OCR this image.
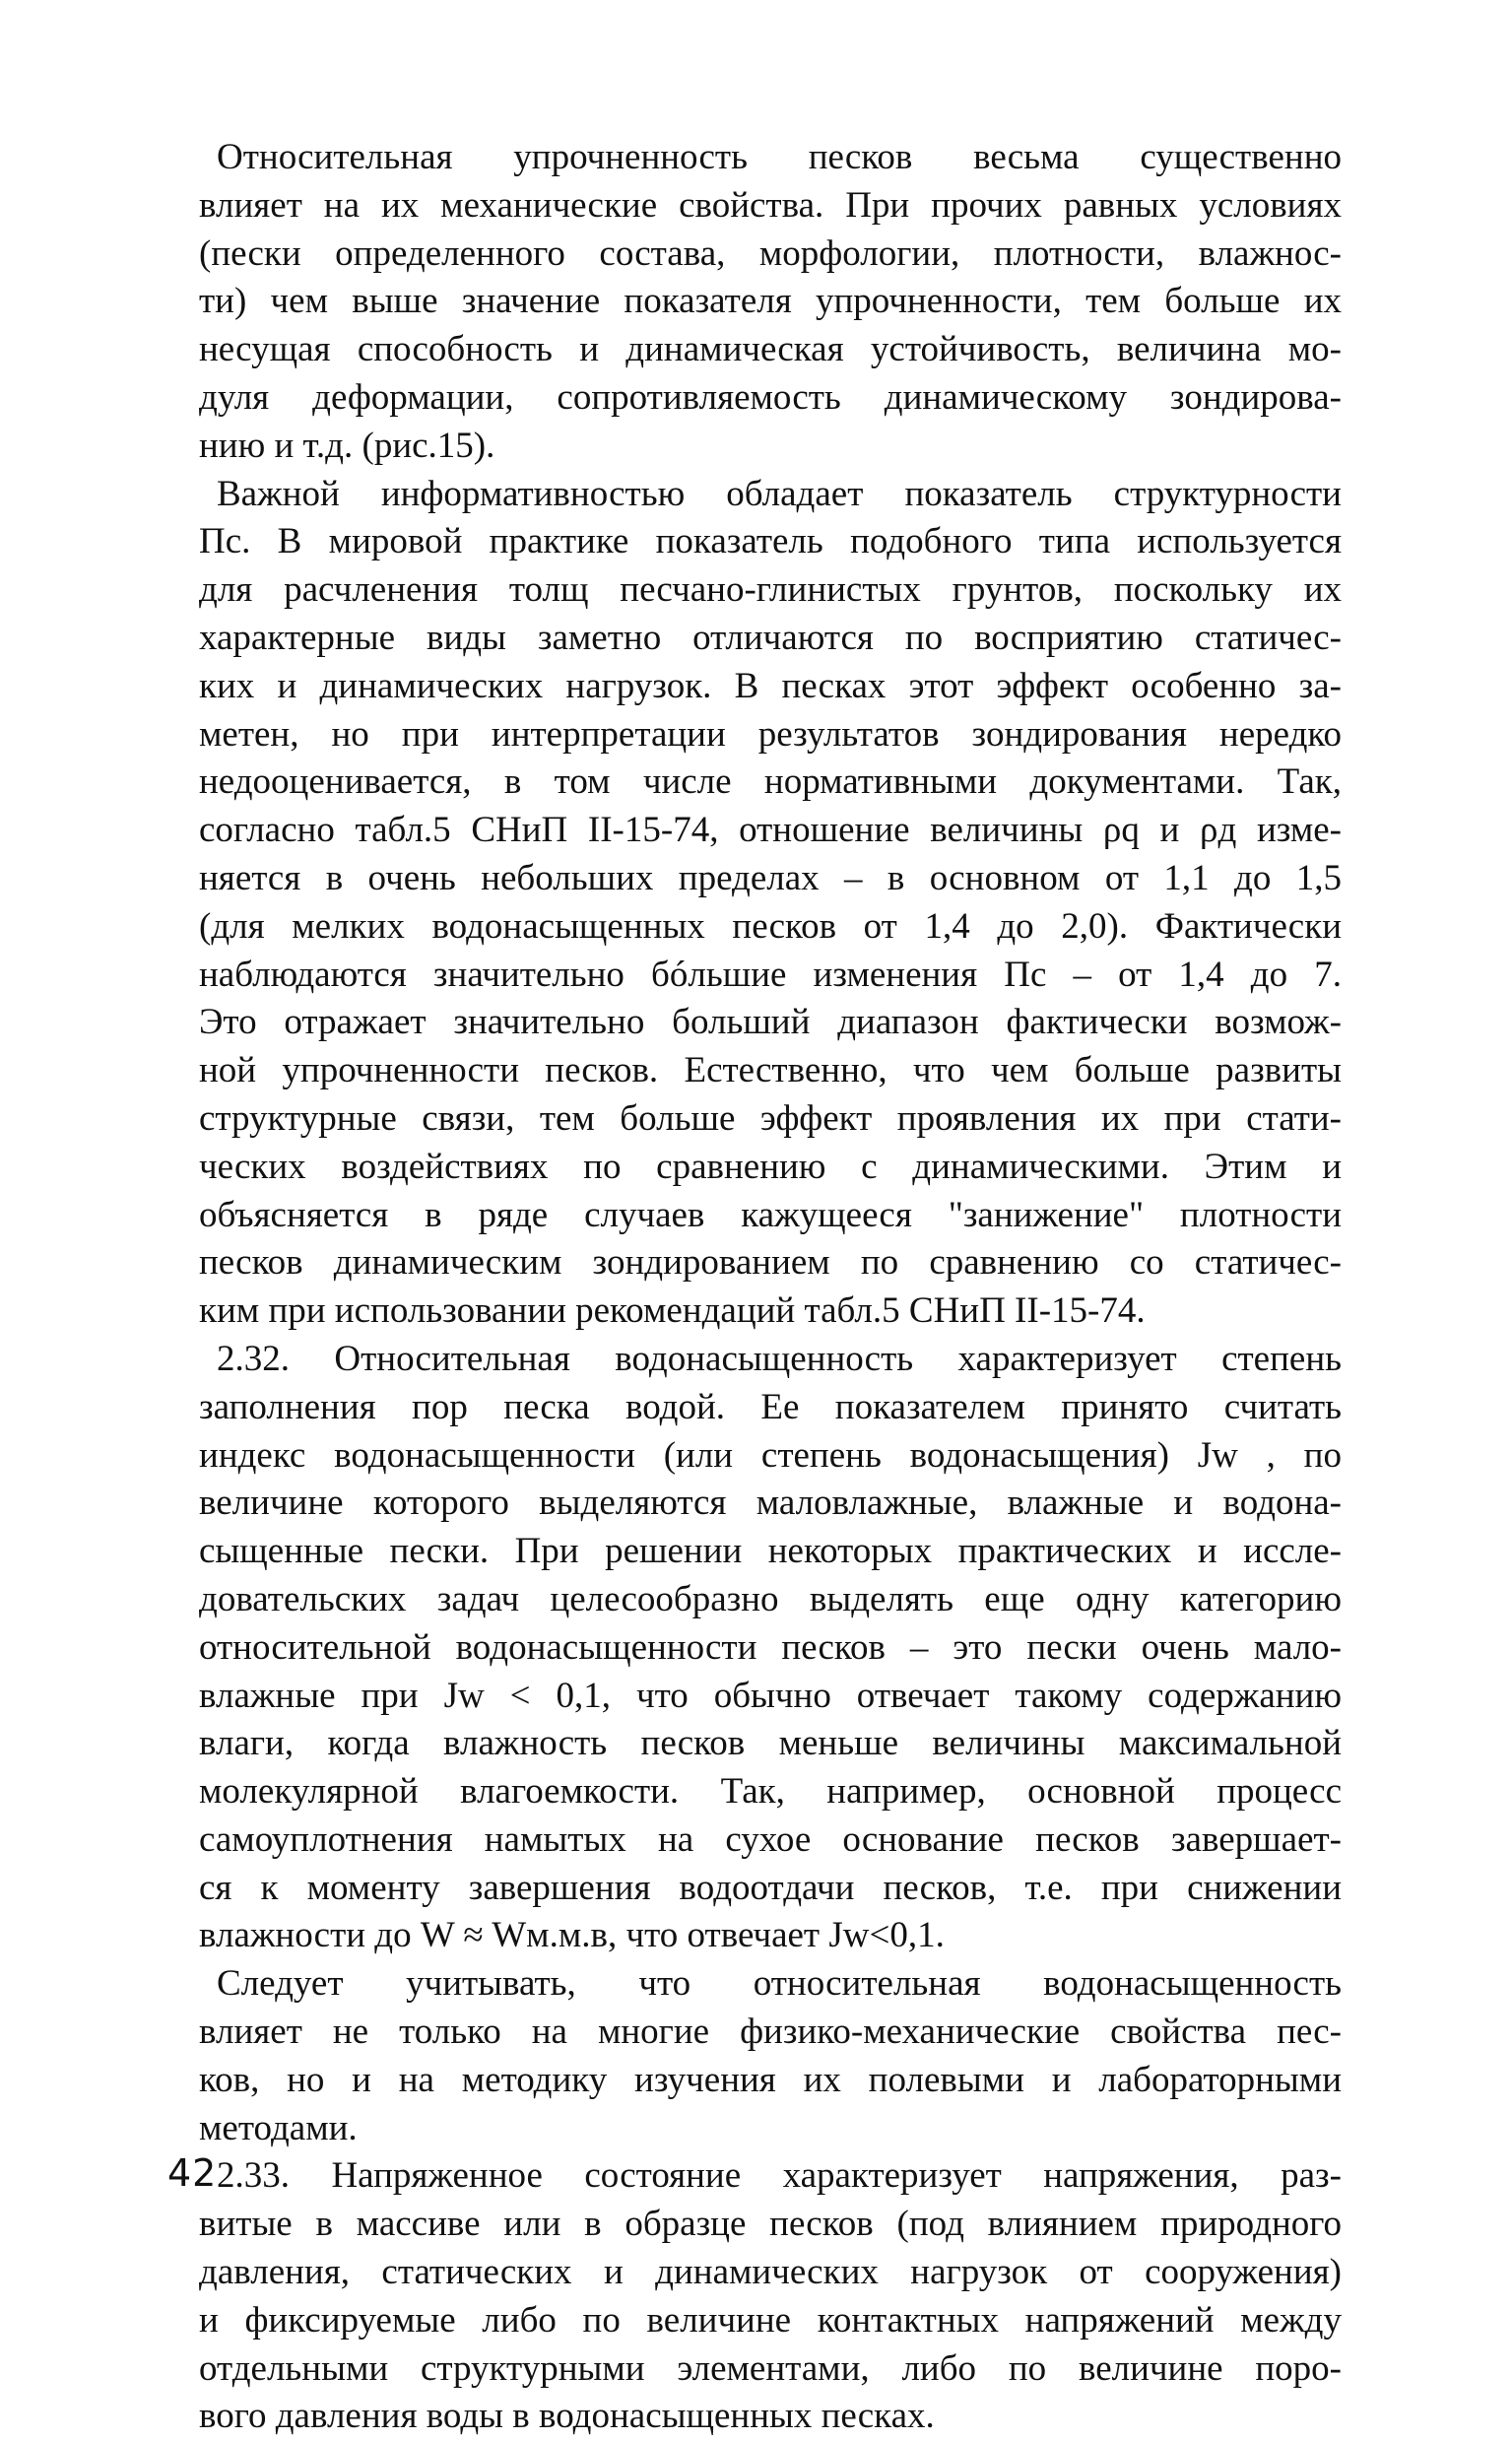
Относительная упрочненность песков весьма существенно
влияет на их механические свойства. При прочих равных условиях
(пески определенного состава, морфологии, плотности, влажнос-
ти) чем выше значение показателя упрочненности, тем больше их
несущая способность и динамическая устойчивость, величина мо-
дуля деформации, сопротивляемость динамическому зондирова-
нию и т.д. (рис.15).
Важной информативностью обладает показатель структурности
Пс. В мировой практике показатель подобного типа используется
для расчленения толщ песчано-глинистых грунтов, поскольку их
характерные виды заметно отличаются по восприятию статичес-
ких и динамических нагрузок. В песках этот эффект особенно за-
метен, но при интерпретации результатов зондирования нередко
недооценивается, в том числе нормативными документами. Так,
согласно табл.5 СНиП II-15-74, отношение величины ρq и ρд изме-
няется в очень небольших пределах – в основном от 1,1 до 1,5
(для мелких водонасыщенных песков от 1,4 до 2,0). Фактически
наблюдаются значительно бóльшие изменения Пс – от 1,4 до 7.
Это отражает значительно больший диапазон фактически возмож-
ной упрочненности песков. Естественно, что чем больше развиты
структурные связи, тем больше эффект проявления их при стати-
ческих воздействиях по сравнению с динамическими. Этим и
объясняется в ряде случаев кажущееся "занижение" плотности
песков динамическим зондированием по сравнению со статичес-
ким при использовании рекомендаций табл.5 СНиП II-15-74.
2.32. Относительная водонасыщенность характеризует степень
заполнения пор песка водой. Ее показателем принято считать
индекс водонасыщенности (или степень водонасыщения) Jw , по
величине которого выделяются маловлажные, влажные и водона-
сыщенные пески. При решении некоторых практических и иссле-
довательских задач целесообразно выделять еще одну категорию
относительной водонасыщенности песков – это пески очень мало-
влажные при Jw < 0,1, что обычно отвечает такому содержанию
влаги, когда влажность песков меньше величины максимальной
молекулярной влагоемкости. Так, например, основной процесс
самоуплотнения намытых на сухое основание песков завершает-
ся к моменту завершения водоотдачи песков, т.е. при снижении
влажности до W ≈ Wм.м.в, что отвечает Jw<0,1.
Следует учитывать, что относительная водонасыщенность
влияет не только на многие физико-механические свойства пес-
ков, но и на методику изучения их полевыми и лабораторными
методами.
2.33. Напряженное состояние характеризует напряжения, раз-
витые в массиве или в образце песков (под влиянием природного
давления, статических и динамических нагрузок от сооружения)
и фиксируемые либо по величине контактных напряжений между
отдельными структурными элементами, либо по величине поро-
вого давления воды в водонасыщенных песках.
42
